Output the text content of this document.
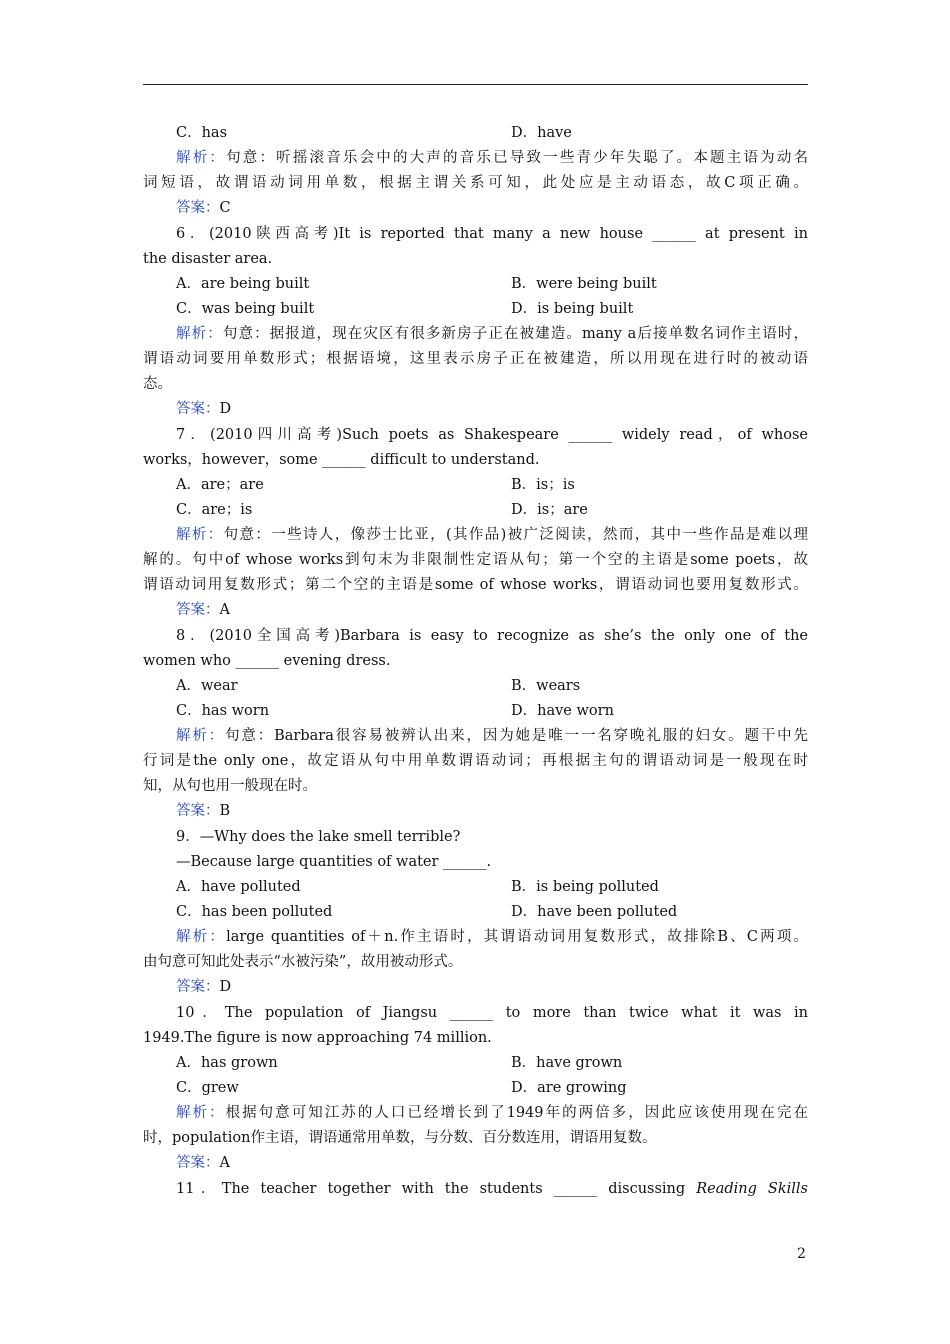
C．has	D．have
解析：句意：听摇滚音乐会中的大声的音乐已导致一些青少年失聪了。本题主语为动名
词短语，故谓语动词用单数，根据主谓关系可知，此处应是主动语态，故C项正确。
答案：C
6．(2010陕西高考)It is reported that many a new house ______ at present in
the disaster area.
A．are being built	B．were being built
C．was being built	D．is being built
解析：句意：据报道，现在灾区有很多新房子正在被建造。many a后接单数名词作主语时，
谓语动词要用单数形式；根据语境，这里表示房子正在被建造，所以用现在进行时的被动语
态。
答案：D
7．(2010四川高考)Such poets as Shakespeare ______ widely read，of whose
works，however，some ______ difficult to understand.
A．are；are	B．is；is
C．are；is	D．is；are
解析：句意：一些诗人，像莎士比亚，(其作品)被广泛阅读，然而，其中一些作品是难以理
解的。句中of whose works到句末为非限制性定语从句；第一个空的主语是some poets，故
谓语动词用复数形式；第二个空的主语是some of whose works，谓语动词也要用复数形式。
答案：A
8．(2010全国高考)Barbara is easy to recognize as she’s the only one of the
women who ______ evening dress.
A．wear	B．wears
C．has worn	D．have worn
解析：句意：Barbara很容易被辨认出来，因为她是唯一一名穿晚礼服的妇女。题干中先
行词是the only one，故定语从句中用单数谓语动词；再根据主句的谓语动词是一般现在时
知，从句也用一般现在时。
答案：B
9．—Why does the lake smell terrible?
—Because large quantities of water ______.
A．have polluted	B．is being polluted
C．has been polluted	D．have been polluted
解析：large quantities of＋n.作主语时，其谓语动词用复数形式，故排除B、C两项。
由句意可知此处表示“水被污染”，故用被动形式。
答案：D
10．The population of Jiangsu ______ to more than twice what it was in
1949.The figure is now approaching 74 million.
A．has grown	B．have grown
C．grew	D．are growing
解析：根据句意可知江苏的人口已经增长到了1949年的两倍多，因此应该使用现在完在
时，population作主语，谓语通常用单数，与分数、百分数连用，谓语用复数。
答案：A
11．The teacher together with the students ______ discussing Reading Skills
2
